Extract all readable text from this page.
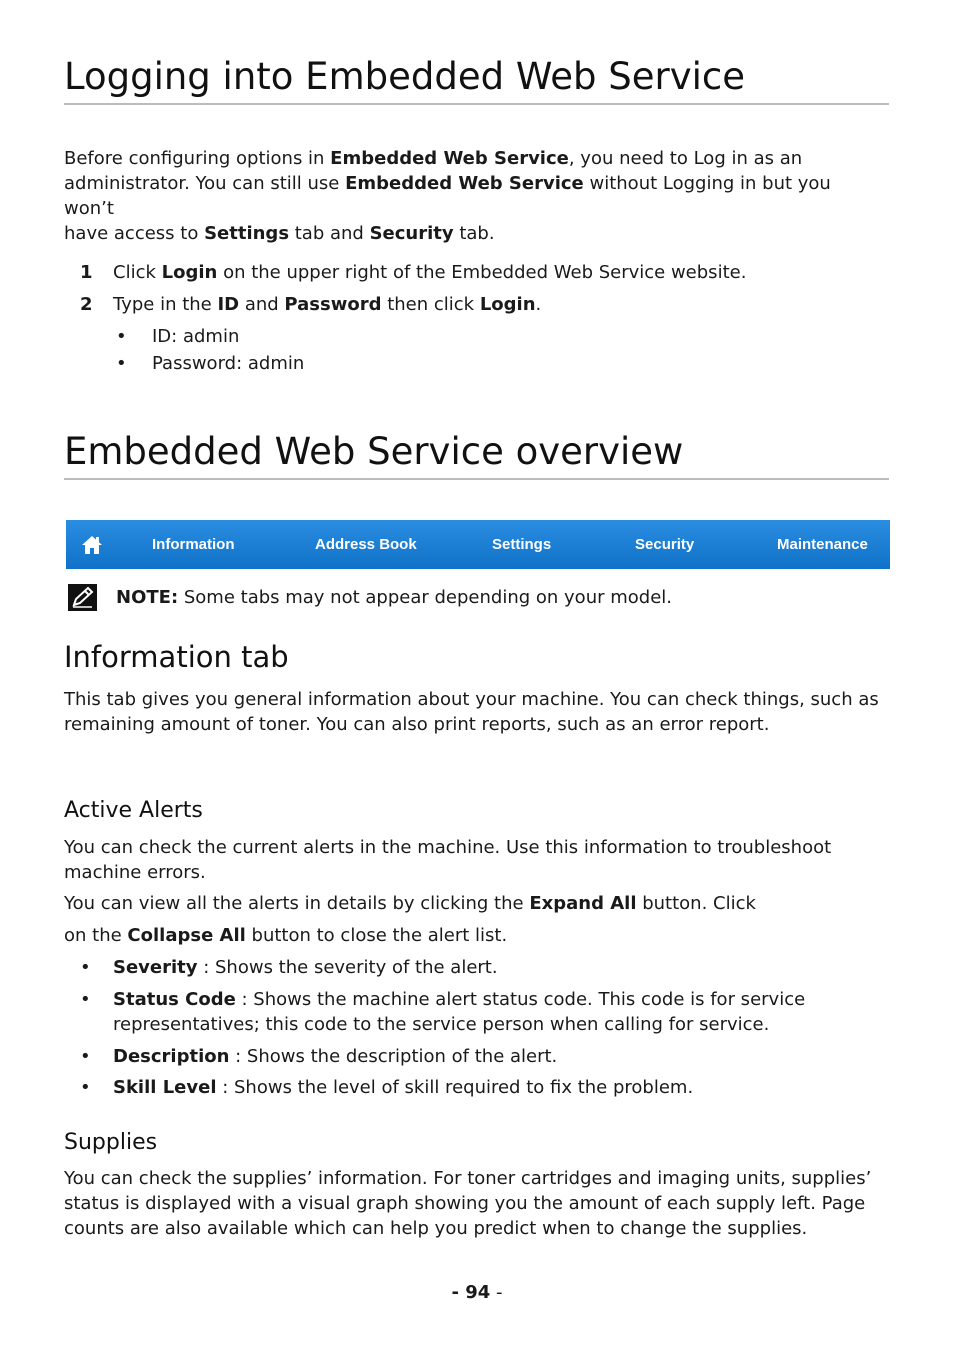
Logging into Embedded Web Service
Before configuring options in Embedded Web Service, you need to Log in as an
administrator. You can still use Embedded Web Service without Logging in but you won’t
have access to Settings tab and Security tab.
1 Click Login on the upper right of the Embedded Web Service website.
2 Type in the ID and Password then click Login.
• ID: admin
• Password: admin
Embedded Web Service overview
Information	Address Book	Settings	Security	Maintenance
NOTE: Some tabs may not appear depending on your model.
Information tab
This tab gives you general information about your machine. You can check things, such as
remaining amount of toner. You can also print reports, such as an error report.
Active Alerts
You can check the current alerts in the machine. Use this information to troubleshoot
machine errors.
You can view all the alerts in details by clicking the Expand All button. Click
on the Collapse All button to close the alert list.
• Severity : Shows the severity of the alert.
• Status Code : Shows the machine alert status code. This code is for service
representatives; this code to the service person when calling for service.
• Description : Shows the description of the alert.
• Skill Level : Shows the level of skill required to fix the problem.
Supplies
You can check the supplies’ information. For toner cartridges and imaging units, supplies’
status is displayed with a visual graph showing you the amount of each supply left. Page
counts are also available which can help you predict when to change the supplies.
- 94 -
